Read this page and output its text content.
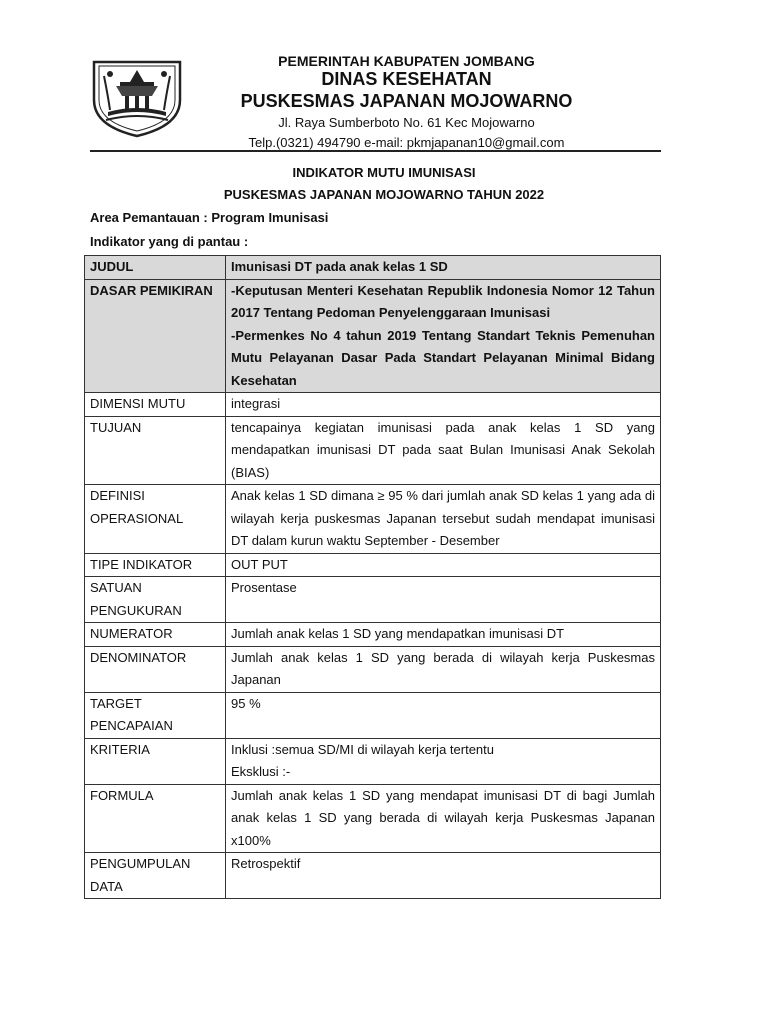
PEMERINTAH KABUPATEN JOMBANG
DINAS KESEHATAN
PUSKESMAS JAPANAN MOJOWARNO
Jl. Raya Sumberboto No. 61 Kec Mojowarno
Telp.(0321) 494790 e-mail: pkmjapanan10@gmail.com
INDIKATOR MUTU IMUNISASI
PUSKESMAS JAPANAN MOJOWARNO TAHUN 2022
Area Pemantauan : Program Imunisasi
Indikator yang di pantau :
JUDUL	Imunisasi DT pada anak kelas 1 SD

DASAR PEMIKIRAN	-Keputusan Menteri Kesehatan Republik Indonesia Nomor 12 Tahun 2017 Tentang Pedoman Penyelenggaraan Imunisasi
-Permenkes No 4 tahun 2019 Tentang Standart Teknis Pemenuhan Mutu Pelayanan Dasar Pada Standart Pelayanan Minimal Bidang Kesehatan

DIMENSI MUTU	integrasi

TUJUAN	tencapainya kegiatan imunisasi pada anak kelas 1 SD yang mendapatkan imunisasi DT pada saat Bulan Imunisasi Anak Sekolah (BIAS)

DEFINISI OPERASIONAL	Anak kelas 1 SD dimana ≥ 95 % dari jumlah anak SD kelas 1 yang ada di wilayah kerja puskesmas Japanan tersebut sudah mendapat imunisasi DT dalam kurun waktu September - Desember

TIPE INDIKATOR	OUT PUT

SATUAN PENGUKURAN	Prosentase

NUMERATOR	Jumlah anak kelas 1 SD yang mendapatkan imunisasi DT

DENOMINATOR	Jumlah anak kelas 1 SD yang berada di wilayah kerja Puskesmas Japanan

TARGET PENCAPAIAN	95 %

KRITERIA	Inklusi :semua SD/MI di wilayah kerja tertentu
Eksklusi :-

FORMULA	Jumlah anak kelas 1 SD yang mendapat imunisasi DT di bagi Jumlah anak kelas 1 SD yang berada di wilayah kerja Puskesmas Japanan x100%

PENGUMPULAN DATA	Retrospektif
